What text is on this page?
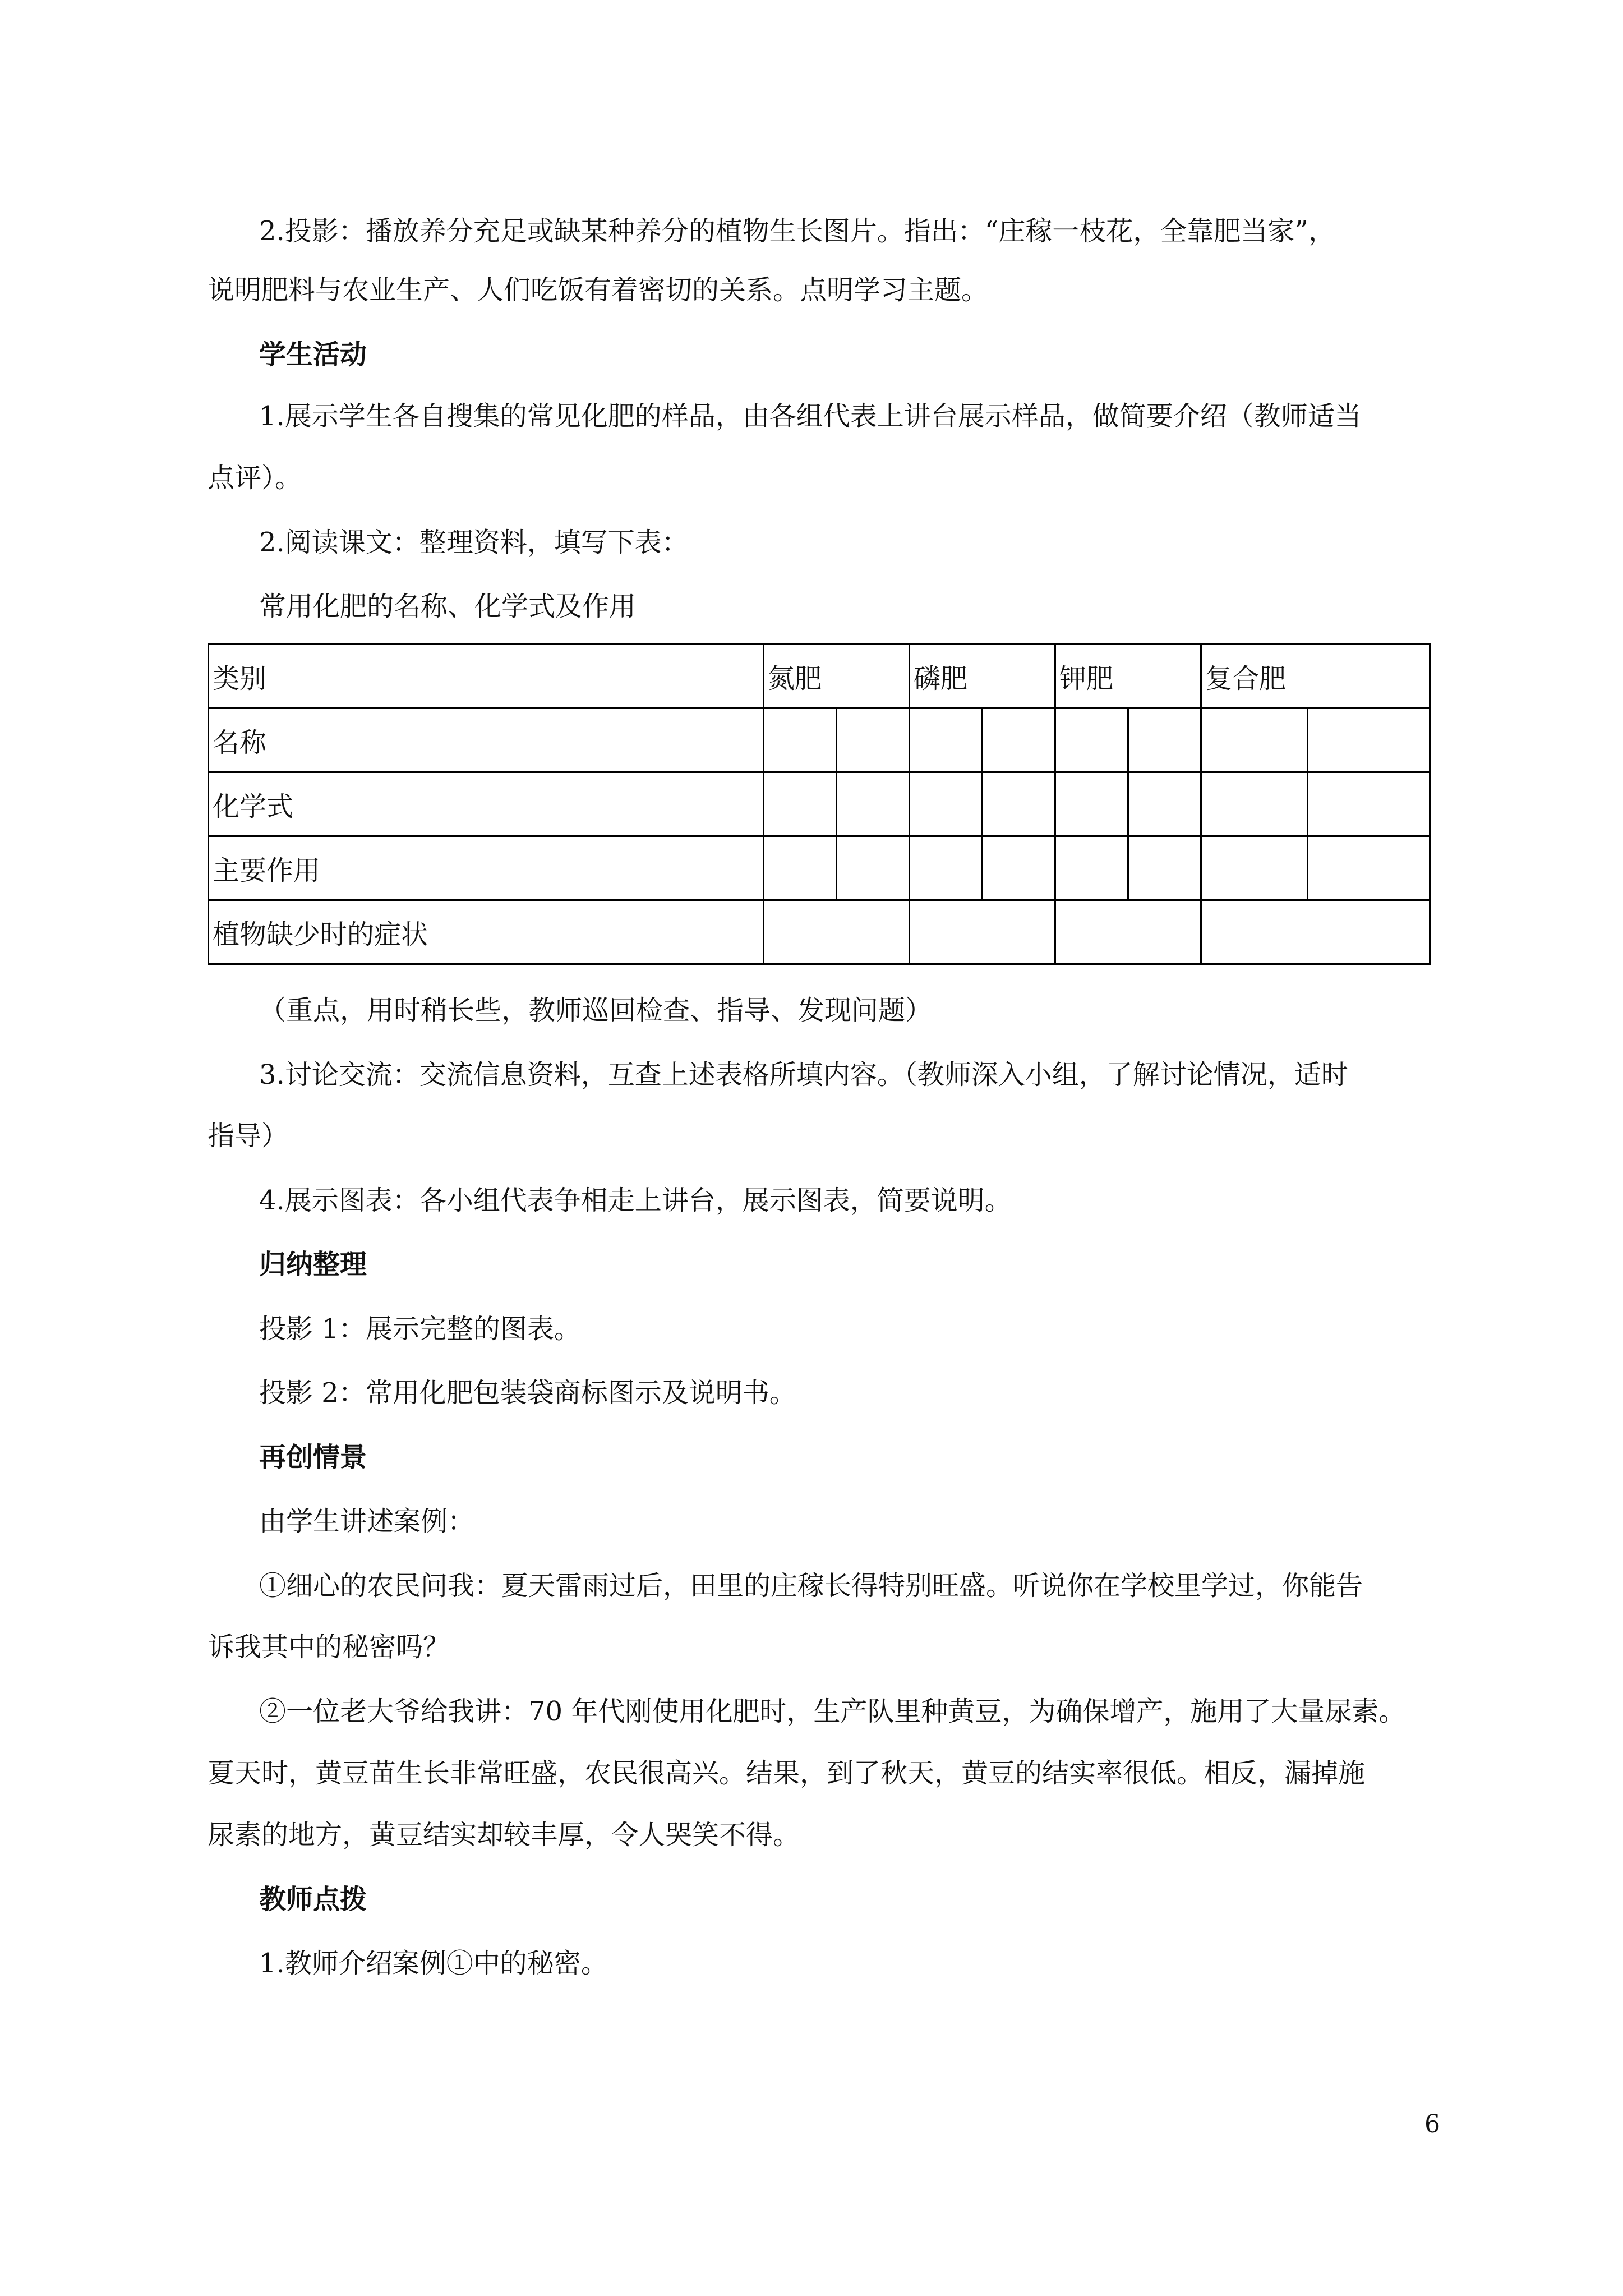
2.投影：播放养分充足或缺某种养分的植物生长图片。指出：“庄稼一枝花，全靠肥当家”，

说明肥料与农业生产、人们吃饭有着密切的关系。点明学习主题。

学生活动

1.展示学生各自搜集的常见化肥的样品，由各组代表上讲台展示样品，做简要介绍（教师适当

点评）。

2.阅读课文：整理资料，填写下表：

常用化肥的名称、化学式及作用

类别	氮肥		磷肥		钾肥		复合肥	
名称								
化学式								
主要作用								
植物缺少时的症状								

（重点，用时稍长些，教师巡回检查、指导、发现问题）

3.讨论交流：交流信息资料，互查上述表格所填内容。（教师深入小组，了解讨论情况，适时

指导）

4.展示图表：各小组代表争相走上讲台，展示图表，简要说明。

归纳整理

投影 1：展示完整的图表。

投影 2：常用化肥包装袋商标图示及说明书。

再创情景

由学生讲述案例：

①细心的农民问我：夏天雷雨过后，田里的庄稼长得特别旺盛。听说你在学校里学过，你能告

诉我其中的秘密吗？

②一位老大爷给我讲：70 年代刚使用化肥时，生产队里种黄豆，为确保增产，施用了大量尿素。

夏天时，黄豆苗生长非常旺盛，农民很高兴。结果，到了秋天，黄豆的结实率很低。相反，漏掉施

尿素的地方，黄豆结实却较丰厚，令人哭笑不得。

教师点拨

1.教师介绍案例①中的秘密。

6
